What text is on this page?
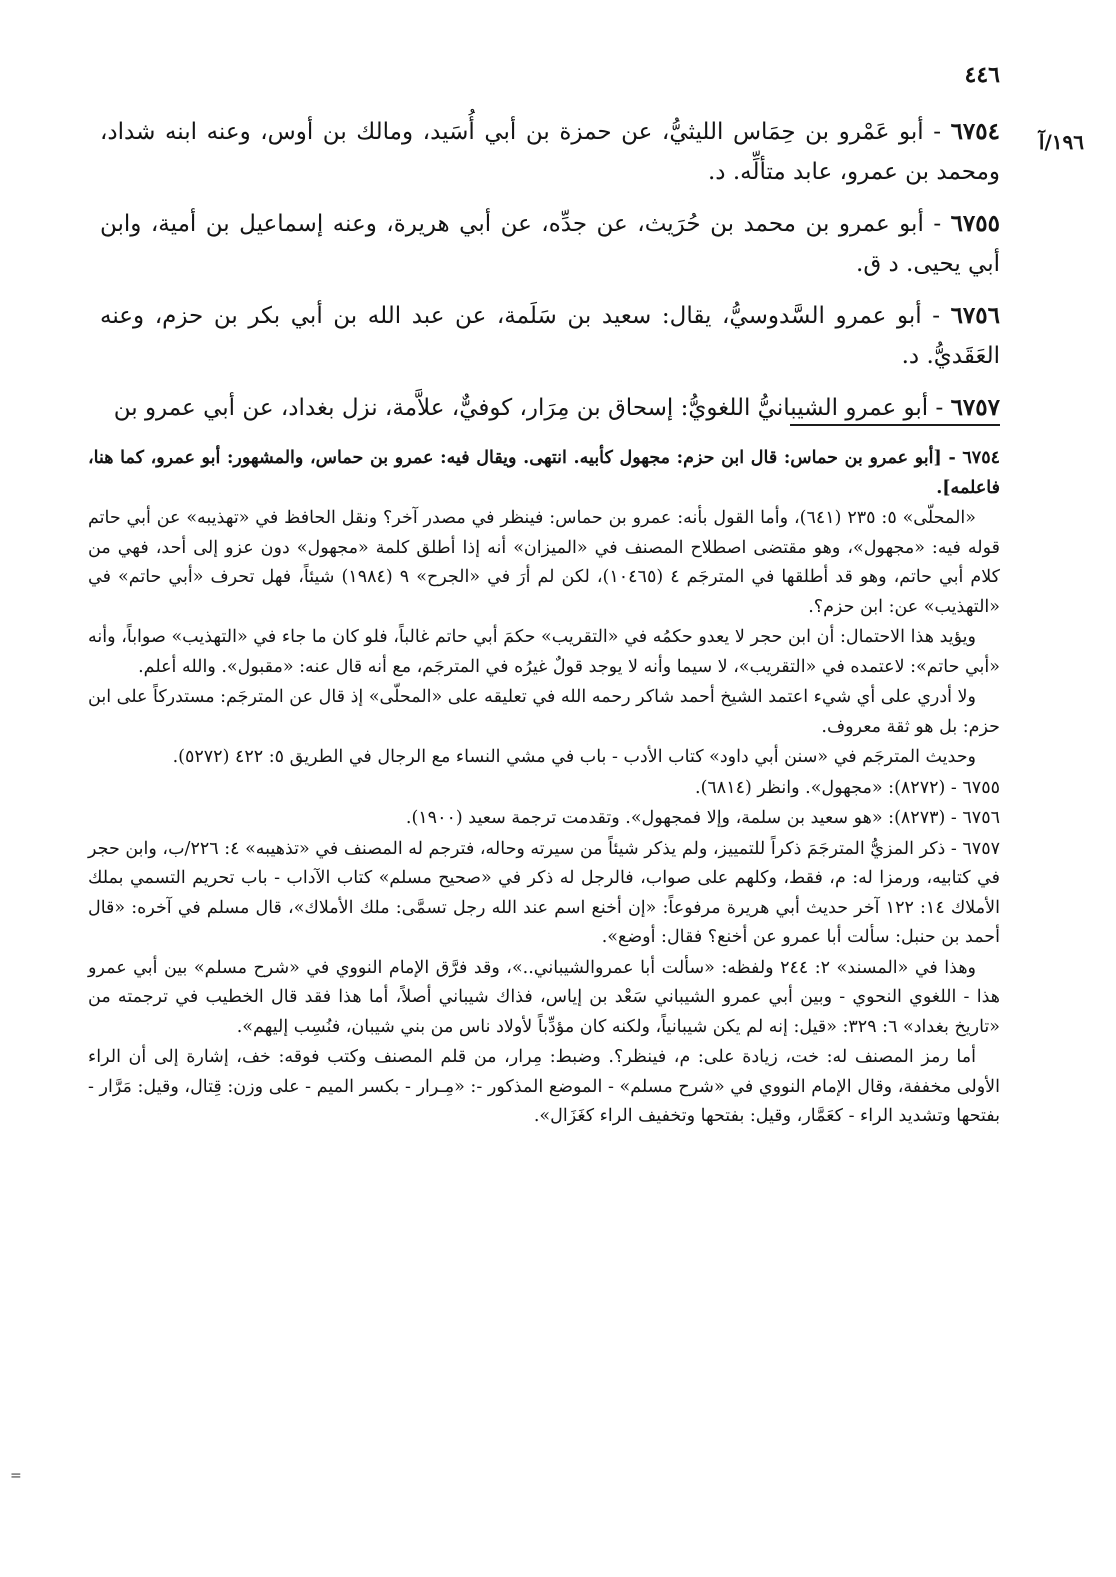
٤٤٦
١٩٦/آ

٦٧٥٤ - أبو عَمْرو بن حِمَاس الليثيُّ، عن حمزة بن أبي أُسَيد، ومالك بن أوس، وعنه ابنه شداد، ومحمد بن عمرو، عابد متألِّه. د.

٦٧٥٥ - أبو عمرو بن محمد بن حُرَيث، عن جدِّه، عن أبي هريرة، وعنه إسماعيل بن أمية، وابن أبي يحيى. د ق.

٦٧٥٦ - أبو عمرو السَّدوسيُّ، يقال: سعيد بن سَلَمة، عن عبد الله بن أبي بكر بن حزم، وعنه العَقَديُّ. د.

٦٧٥٧ - أبو عمرو الشيبانيُّ اللغويُّ: إسحاق بن مِرَار، كوفيٌّ، علاَّمة، نزل بغداد، عن أبي عمرو بن

٦٧٥٤ - [أبو عمرو بن حماس: قال ابن حزم: مجهول كأبيه. انتهى. ويقال فيه: عمرو بن حماس، والمشهور: أبو عمرو، كما هنا، فاعلمه].

«المحلّى» ٥: ٢٣٥ (٦٤١)، وأما القول بأنه: عمرو بن حماس: فينظر في مصدر آخر؟ ونقل الحافظ في «تهذيبه» عن أبي حاتم قوله فيه: «مجهول»، وهو مقتضى اصطلاح المصنف في «الميزان» أنه إذا أطلق كلمة «مجهول» دون عزو إلى أحد، فهي من كلام أبي حاتم، وهو قد أطلقها في المترجَم ٤ (١٠٤٦٥)، لكن لم أرَ في «الجرح» ٩ (١٩٨٤) شيئاً، فهل تحرف «أبي حاتم» في «التهذيب» عن: ابن حزم؟.

ويؤيد هذا الاحتمال: أن ابن حجر لا يعدو حكمُه في «التقريب» حكمَ أبي حاتم غالباً، فلو كان ما جاء في «التهذيب» صواباً، وأنه «أبي حاتم»: لاعتمده في «التقريب»، لا سيما وأنه لا يوجد قولٌ غيرُه في المترجَم، مع أنه قال عنه: «مقبول». والله أعلم.

ولا أدري على أي شيء اعتمد الشيخ أحمد شاكر رحمه الله في تعليقه على «المحلّى» إذ قال عن المترجَم: مستدركاً على ابن حزم: بل هو ثقة معروف.

وحديث المترجَم في «سنن أبي داود» كتاب الأدب - باب في مشي النساء مع الرجال في الطريق ٥: ٤٢٢ (٥٢٧٢).

٦٧٥٥ - (٨٢٧٢): «مجهول». وانظر (٦٨١٤).

٦٧٥٦ - (٨٢٧٣): «هو سعيد بن سلمة، وإلا فمجهول». وتقدمت ترجمة سعيد (١٩٠٠).

٦٧٥٧ - ذكر المزيُّ المترجَمَ ذكراً للتمييز، ولم يذكر شيئاً من سيرته وحاله، فترجم له المصنف في «تذهيبه» ٤: ٢٢٦/ب، وابن حجر في كتابيه، ورمزا له: م، فقط، وكلهم على صواب، فالرجل له ذكر في «صحيح مسلم» كتاب الآداب - باب تحريم التسمي بملك الأملاك ١٤: ١٢٢ آخر حديث أبي هريرة مرفوعاً: «إن أخنع اسم عند الله رجل تسمَّى: ملك الأملاك»، قال مسلم في آخره: «قال أحمد بن حنبل: سألت أبا عمرو عن أخنع؟ فقال: أوضع».

وهذا في «المسند» ٢: ٢٤٤ ولفظه: «سألت أبا عمروالشيباني..»، وقد فرَّق الإمام النووي في «شرح مسلم» بين أبي عمرو هذا - اللغوي النحوي - وبين أبي عمرو الشيباني سَعْد بن إياس، فذاك شيباني أصلاً، أما هذا فقد قال الخطيب في ترجمته من «تاريخ بغداد» ٦: ٣٢٩: «قيل: إنه لم يكن شيبانياً، ولكنه كان مؤدِّباً لأولاد ناس من بني شيبان، فنُسِب إليهم».

أما رمز المصنف له: خت، زيادة على: م، فينظر؟. وضبط: مِرار، من قلم المصنف وكتب فوقه: خف، إشارة إلى أن الراء الأولى مخففة، وقال الإمام النووي في «شرح مسلم» - الموضع المذكور -: «مِـرار - بكسر الميم - على وزن: قِتال، وقيل: مَرَّار - بفتحها وتشديد الراء - كعَمَّار، وقيل: بفتحها وتخفيف الراء كغَزَال».

=
